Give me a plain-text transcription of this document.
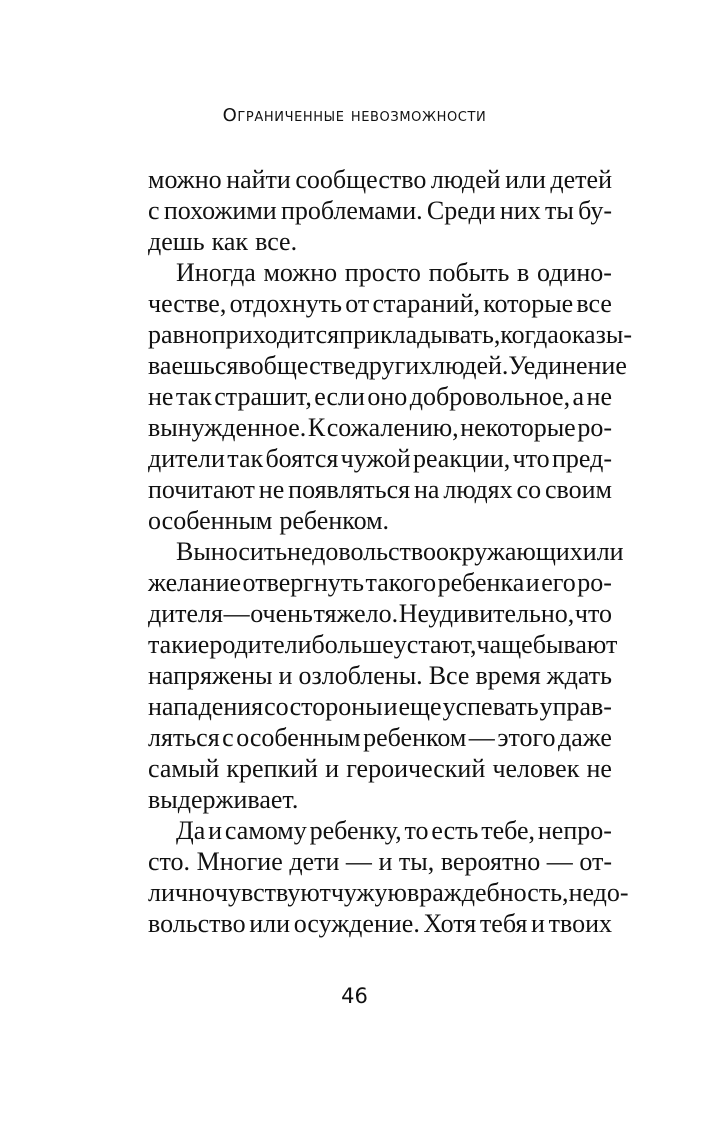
Ограниченные невозможности
можно найти сообщество людей или детей
с похожими проблемами. Среди них ты бу-
дешь как все.
Иногда можно просто побыть в одино-
честве, отдохнуть от стараний, которые все
равно приходится прикладывать, когда оказы-
ваешься в обществе других людей. Уединение
не так страшит, если оно добровольное, а не
вынужденное. К сожалению, некоторые ро-
дители так боятся чужой реакции, что пред-
почитают не появляться на людях со своим
особенным ребенком.
Выносить недовольство окружающих или
желание отвергнуть такого ребенка и его ро-
дителя — очень тяжело. Неудивительно, что
такие родители больше устают, чаще бывают
напряжены и озлоблены. Все время ждать
нападения со стороны и еще успевать управ-
ляться с особенным ребенком — этого даже
самый крепкий и героический человек не
выдерживает.
Да и самому ребенку, то есть тебе, непро-
сто. Многие дети — и ты, вероятно — от-
лично чувствуют чужую враждебность, недо-
вольство или осуждение. Хотя тебя и твоих
46
